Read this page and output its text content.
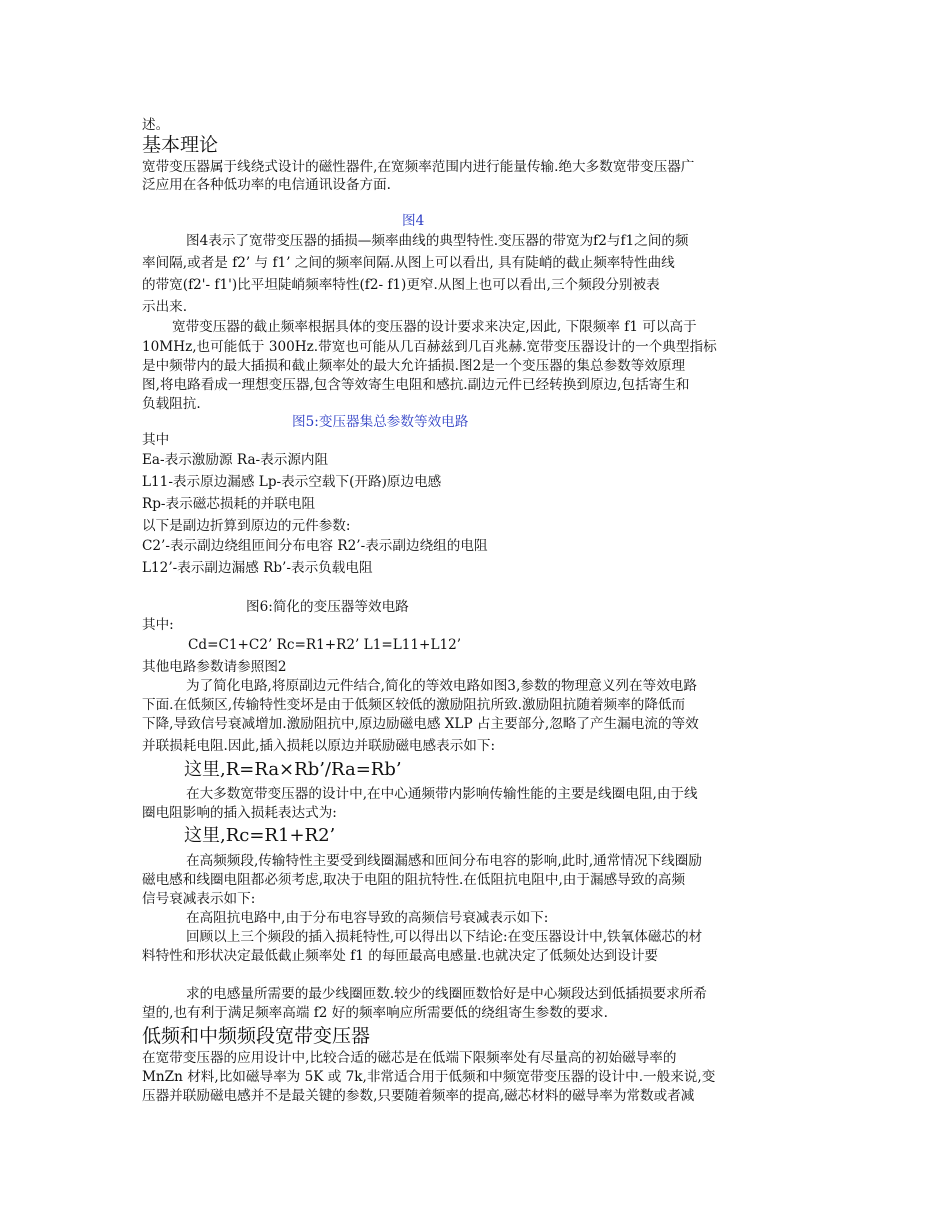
述。
基本理论
宽带变压器属于线绕式设计的磁性器件,在宽频率范围内进行能量传输.绝大多数宽带变压器广
泛应用在各种低功率的电信通讯设备方面.
图4
图4表示了宽带变压器的插损—频率曲线的典型特性.变压器的带宽为f2与f1之间的频
率间隔,或者是 f2’ 与 f1’ 之间的频率间隔.从图上可以看出, 具有陡峭的截止频率特性曲线
的带宽(f2'- f1')比平坦陡峭频率特性(f2- f1)更窄.从图上也可以看出,三个频段分别被表
示出来.
宽带变压器的截止频率根据具体的变压器的设计要求来决定,因此, 下限频率 f1 可以高于
10MHz,也可能低于 300Hz.带宽也可能从几百赫兹到几百兆赫.宽带变压器设计的一个典型指标
是中频带内的最大插损和截止频率处的最大允许插损.图2是一个变压器的集总参数等效原理
图,将电路看成一理想变压器,包含等效寄生电阻和感抗.副边元件已经转换到原边,包括寄生和
负载阻抗.
图5:变压器集总参数等效电路
其中
Ea-表示激励源 Ra-表示源内阻
L11-表示原边漏感 Lp-表示空载下(开路)原边电感
Rp-表示磁芯损耗的并联电阻
以下是副边折算到原边的元件参数:
C2’-表示副边绕组匝间分布电容 R2’-表示副边绕组的电阻
L12’-表示副边漏感 Rb’-表示负载电阻
图6:简化的变压器等效电路
其中:
Cd=C1+C2’ Rc=R1+R2’ L1=L11+L12’
其他电路参数请参照图2
为了简化电路,将原副边元件结合,简化的等效电路如图3,参数的物理意义列在等效电路
下面.在低频区,传输特性变坏是由于低频区较低的激励阻抗所致.激励阻抗随着频率的降低而
下降,导致信号衰减增加.激励阻抗中,原边励磁电感 XLP 占主要部分,忽略了产生漏电流的等效
并联损耗电阻.因此,插入损耗以原边并联励磁电感表示如下:
这里,R=Ra×Rb’/Ra=Rb’
在大多数宽带变压器的设计中,在中心通频带内影响传输性能的主要是线圈电阻,由于线
圈电阻影响的插入损耗表达式为:
这里,Rc=R1+R2’
在高频频段,传输特性主要受到线圈漏感和匝间分布电容的影响,此时,通常情况下线圈励
磁电感和线圈电阻都必须考虑,取决于电阻的阻抗特性.在低阻抗电阻中,由于漏感导致的高频
信号衰减表示如下:
在高阻抗电路中,由于分布电容导致的高频信号衰减表示如下:
回顾以上三个频段的插入损耗特性,可以得出以下结论:在变压器设计中,铁氧体磁芯的材
料特性和形状决定最低截止频率处 f1 的每匝最高电感量.也就决定了低频处达到设计要
求的电感量所需要的最少线圈匝数.较少的线圈匝数恰好是中心频段达到低插损要求所希
望的,也有利于满足频率高端 f2 好的频率响应所需要低的绕组寄生参数的要求.
低频和中频频段宽带变压器
在宽带变压器的应用设计中,比较合适的磁芯是在低端下限频率处有尽量高的初始磁导率的
MnZn 材料,比如磁导率为 5K 或 7k,非常适合用于低频和中频宽带变压器的设计中.一般来说,变
压器并联励磁电感并不是最关键的参数,只要随着频率的提高,磁芯材料的磁导率为常数或者减
